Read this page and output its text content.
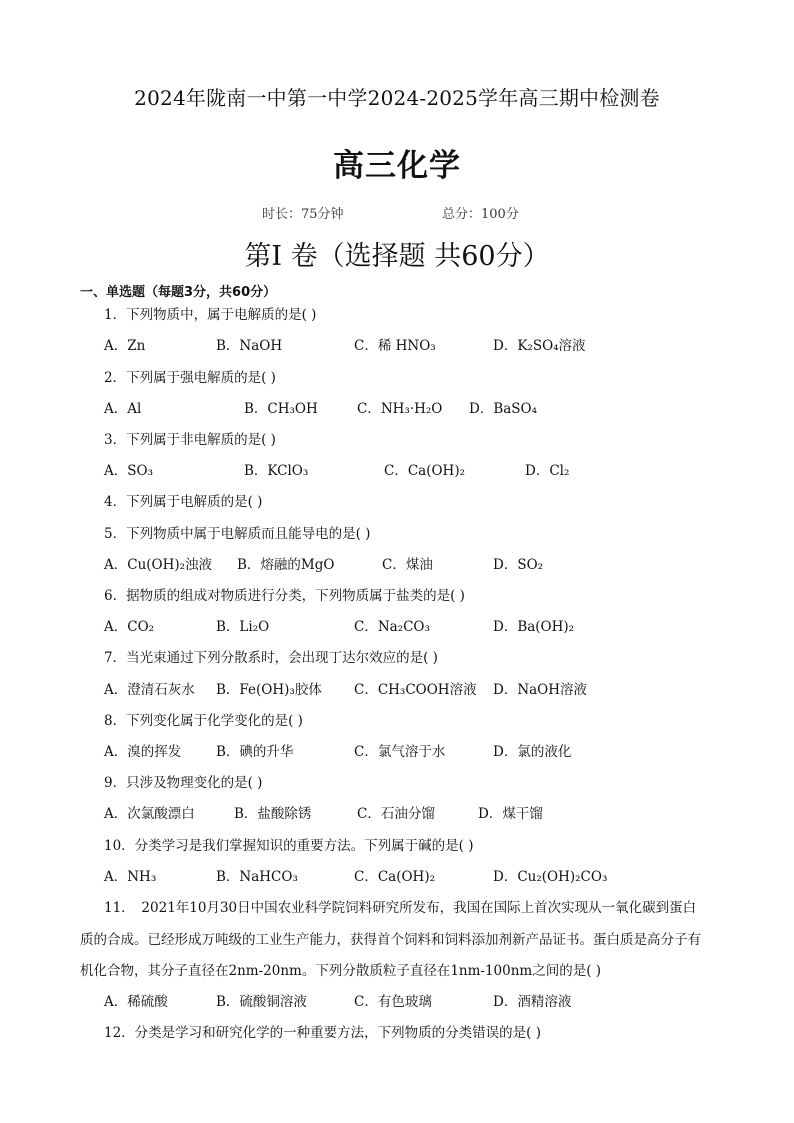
2024年陇南一中第一中学2024-2025学年高三期中检测卷
高三化学
时长：75分钟	总分：100分
第Ⅰ 卷（选择题 共60分）
一、单选题（每题3分，共60分）
1．下列物质中，属于电解质的是( )
A．Zn	B．NaOH	C．稀 HNO₃	D．K₂SO₄溶液
2．下列属于强电解质的是( )
A．Al	B．CH₃OH	C．NH₃·H₂O D．BaSO₄
3．下列属于非电解质的是( )
A．SO₃	B．KClO₃	C．Ca(OH)₂	D．Cl₂
4．下列属于电解质的是( )
5．下列物质中属于电解质而且能导电的是( )
A．Cu(OH)₂浊液 B．熔融的MgO	C．煤油	D．SO₂
6．据物质的组成对物质进行分类，下列物质属于盐类的是( )
A．CO₂	B．Li₂O	C．Na₂CO₃	D．Ba(OH)₂
7．当光束通过下列分散系时，会出现丁达尔效应的是( )
A．澄清石灰水 B．Fe(OH)₃胶体 C．CH₃COOH溶液 D．NaOH溶液
8．下列变化属于化学变化的是( )
A．溴的挥发	B．碘的升华	C．氯气溶于水	D．氯的液化
9．只涉及物理变化的是( )
A．次氯酸漂白	B．盐酸除锈	C．石油分馏	D．煤干馏
10．分类学习是我们掌握知识的重要方法。下列属于碱的是( )
A．NH₃	B．NaHCO₃	C．Ca(OH)₂	D．Cu₂(OH)₂CO₃
11．　2021年10月30日中国农业科学院饲料研究所发布，我国在国际上首次实现从一氧化碳到蛋白
质的合成。已经形成万吨级的工业生产能力，获得首个饲料和饲料添加剂新产品证书。蛋白质是高分子有
机化合物，其分子直径在2nm-20nm。下列分散质粒子直径在1nm-100nm之间的是( )
A．稀硫酸	B．硫酸铜溶液	C．有色玻璃	D．酒精溶液
12．分类是学习和研究化学的一种重要方法，下列物质的分类错误的是( )
